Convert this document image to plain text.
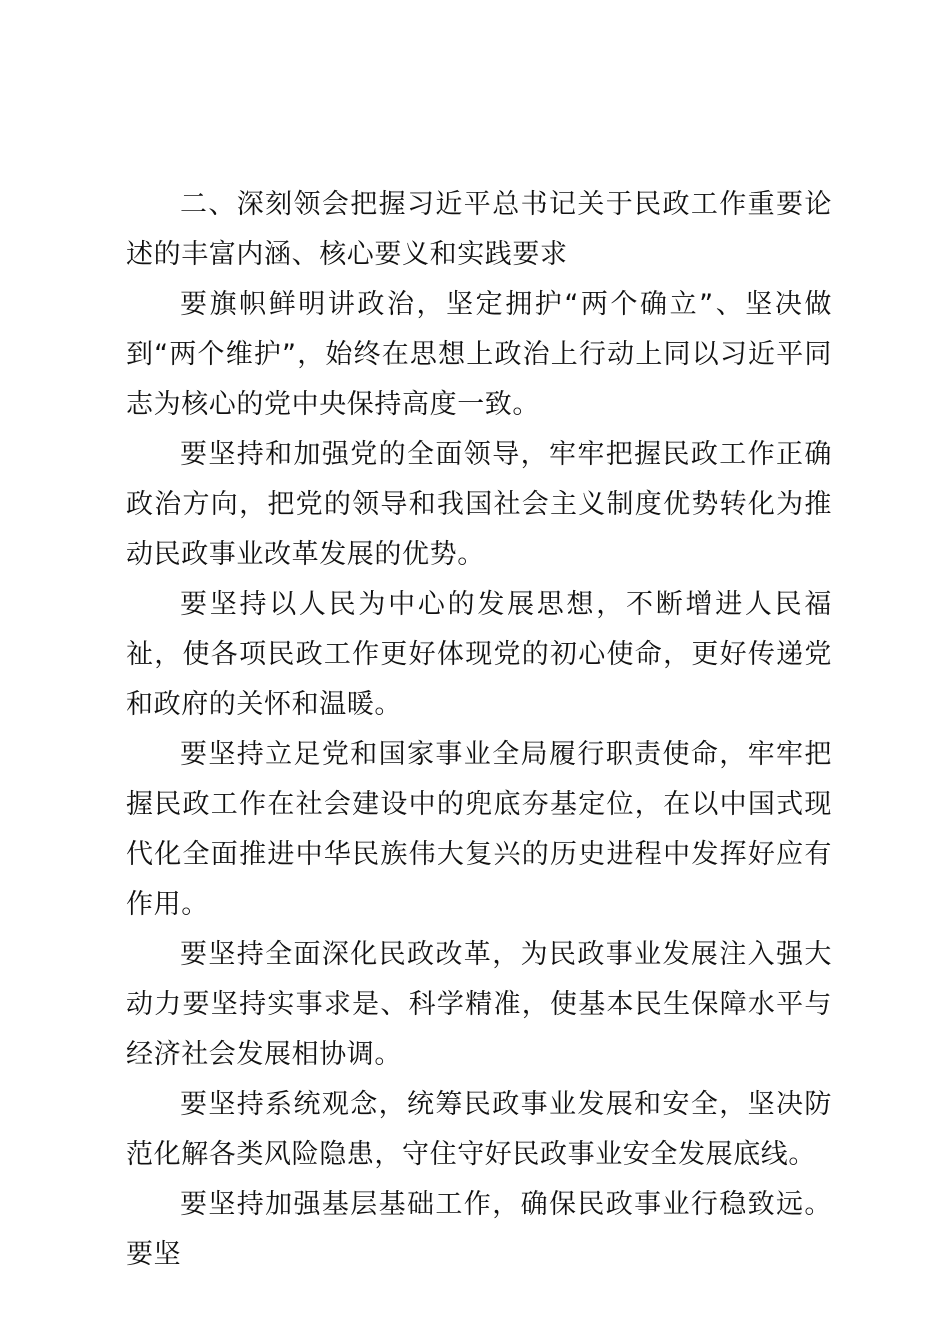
二、深刻领会把握习近平总书记关于民政工作重要论述的丰富内涵、核心要义和实践要求

要旗帜鲜明讲政治，坚定拥护“两个确立”、坚决做到“两个维护”，始终在思想上政治上行动上同以习近平同志为核心的党中央保持高度一致。

要坚持和加强党的全面领导，牢牢把握民政工作正确政治方向，把党的领导和我国社会主义制度优势转化为推动民政事业改革发展的优势。

要坚持以人民为中心的发展思想，不断增进人民福祉，使各项民政工作更好体现党的初心使命，更好传递党和政府的关怀和温暖。

要坚持立足党和国家事业全局履行职责使命，牢牢把握民政工作在社会建设中的兜底夯基定位，在以中国式现代化全面推进中华民族伟大复兴的历史进程中发挥好应有作用。

要坚持全面深化民政改革，为民政事业发展注入强大动力要坚持实事求是、科学精准，使基本民生保障水平与经济社会发展相协调。

要坚持系统观念，统筹民政事业发展和安全，坚决防范化解各类风险隐患，守住守好民政事业安全发展底线。

要坚持加强基层基础工作，确保民政事业行稳致远。要坚
